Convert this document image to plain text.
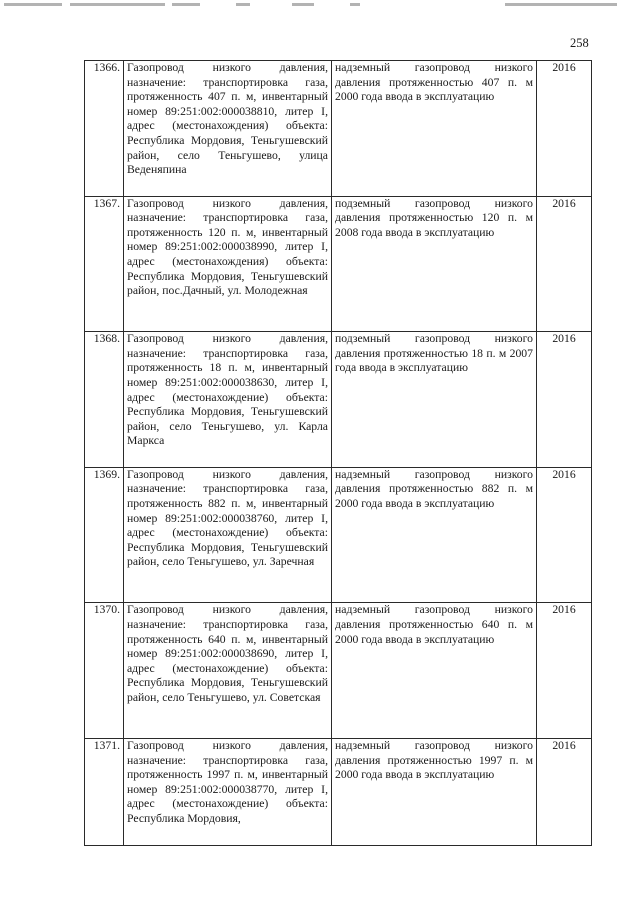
258
1366.	Газопровод низкого давления, назначение: транспортировка газа, протяженность 407 п. м, инвентарный номер 89:251:002:000038810, литер I, адрес (местонахождения) объекта: Республика Мордовия, Теньгушевский район, село Теньгушево, улица Веденяпина	надземный газопровод низкого давления протяженностью 407 п. м 2000 года ввода в эксплуатацию	2016
1367.	Газопровод низкого давления, назначение: транспортировка газа, протяженность 120 п. м, инвентарный номер 89:251:002:000038990, литер I, адрес (местонахождения) объекта: Республика Мордовия, Теньгушевский район, пос.Дачный, ул. Молодежная	подземный газопровод низкого давления протяженностью 120 п. м 2008 года ввода в эксплуатацию	2016
1368.	Газопровод низкого давления, назначение: транспортировка газа, протяженность 18 п. м, инвентарный номер 89:251:002:000038630, литер I, адрес (местонахождение) объекта: Республика Мордовия, Теньгушевский район, село Теньгушево, ул. Карла Маркса	подземный газопровод низкого давления протяженностью 18 п. м 2007 года ввода в эксплуатацию	2016
1369.	Газопровод низкого давления, назначение: транспортировка газа, протяженность 882 п. м, инвентарный номер 89:251:002:000038760, литер I, адрес (местонахождение) объекта: Республика Мордовия, Теньгушевский район, село Теньгушево, ул. Заречная	надземный газопровод низкого давления протяженностью 882 п. м 2000 года ввода в эксплуатацию	2016
1370.	Газопровод низкого давления, назначение: транспортировка газа, протяженность 640 п. м, инвентарный номер 89:251:002:000038690, литер I, адрес (местонахождение) объекта: Республика Мордовия, Теньгушевский район, село Теньгушево, ул. Советская	надземный газопровод низкого давления протяженностью 640 п. м 2000 года ввода в эксплуатацию	2016
1371.	Газопровод низкого давления, назначение: транспортировка газа, протяженность 1997 п. м, инвентарный номер 89:251:002:000038770, литер I, адрес (местонахождение) объекта: Республика Мордовия,	надземный газопровод низкого давления протяженностью 1997 п. м 2000 года ввода в эксплуатацию	2016
